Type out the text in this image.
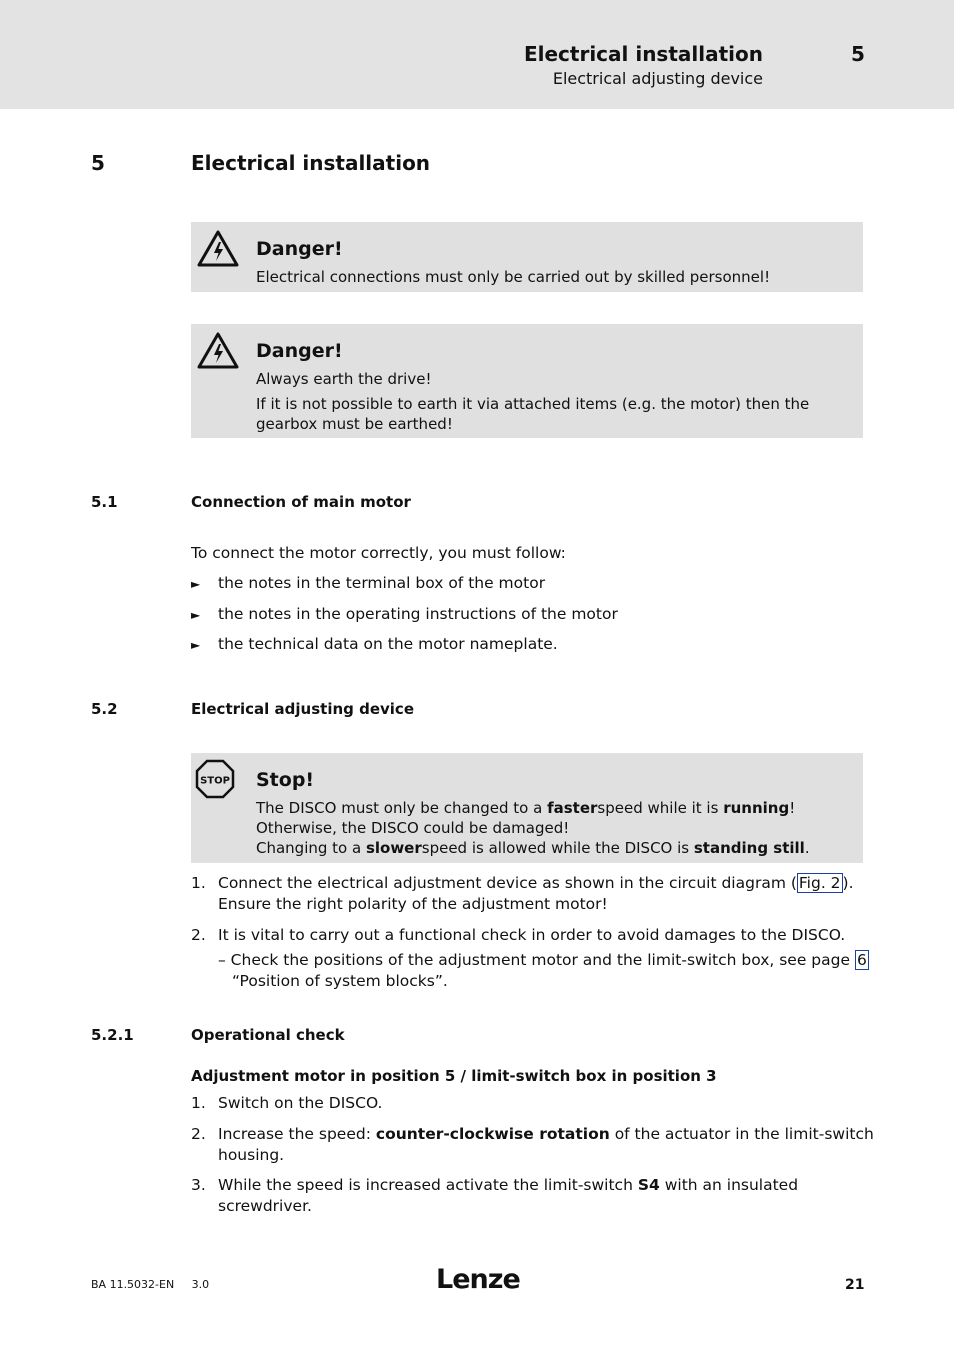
Electrical installation
Electrical adjusting device
5
5	Electrical installation
Danger!
Electrical connections must only be carried out by skilled personnel!
Danger!
Always earth the drive!
If it is not possible to earth it via attached items (e.g. the motor) then the
gearbox must be earthed!
5.1	Connection of main motor
To connect the motor correctly, you must follow:
► the notes in the terminal box of the motor
► the notes in the operating instructions of the motor
► the technical data on the motor nameplate.
5.2	Electrical adjusting device
STOP Stop!
The DISCO must only be changed to a fasterspeed while it is running!
Otherwise, the DISCO could be damaged!
Changing to a slowerspeed is allowed while the DISCO is standing still.
1. Connect the electrical adjustment device as shown in the circuit diagram ( Fig. 2 ).
Ensure the right polarity of the adjustment motor!
2. It is vital to carry out a functional check in order to avoid damages to the DISCO.
– Check the positions of the adjustment motor and the limit-switch box, see page 6
“Position of system blocks”.
5.2.1	Operational check
Adjustment motor in position 5 / limit-switch box in position 3
1. Switch on the DISCO.
2. Increase the speed: counter-clockwise rotation of the actuator in the limit-switch
housing.
3. While the speed is increased activate the limit-switch S4 with an insulated
screwdriver.
BA 11.5032-EN     3.0	Lenze	21
